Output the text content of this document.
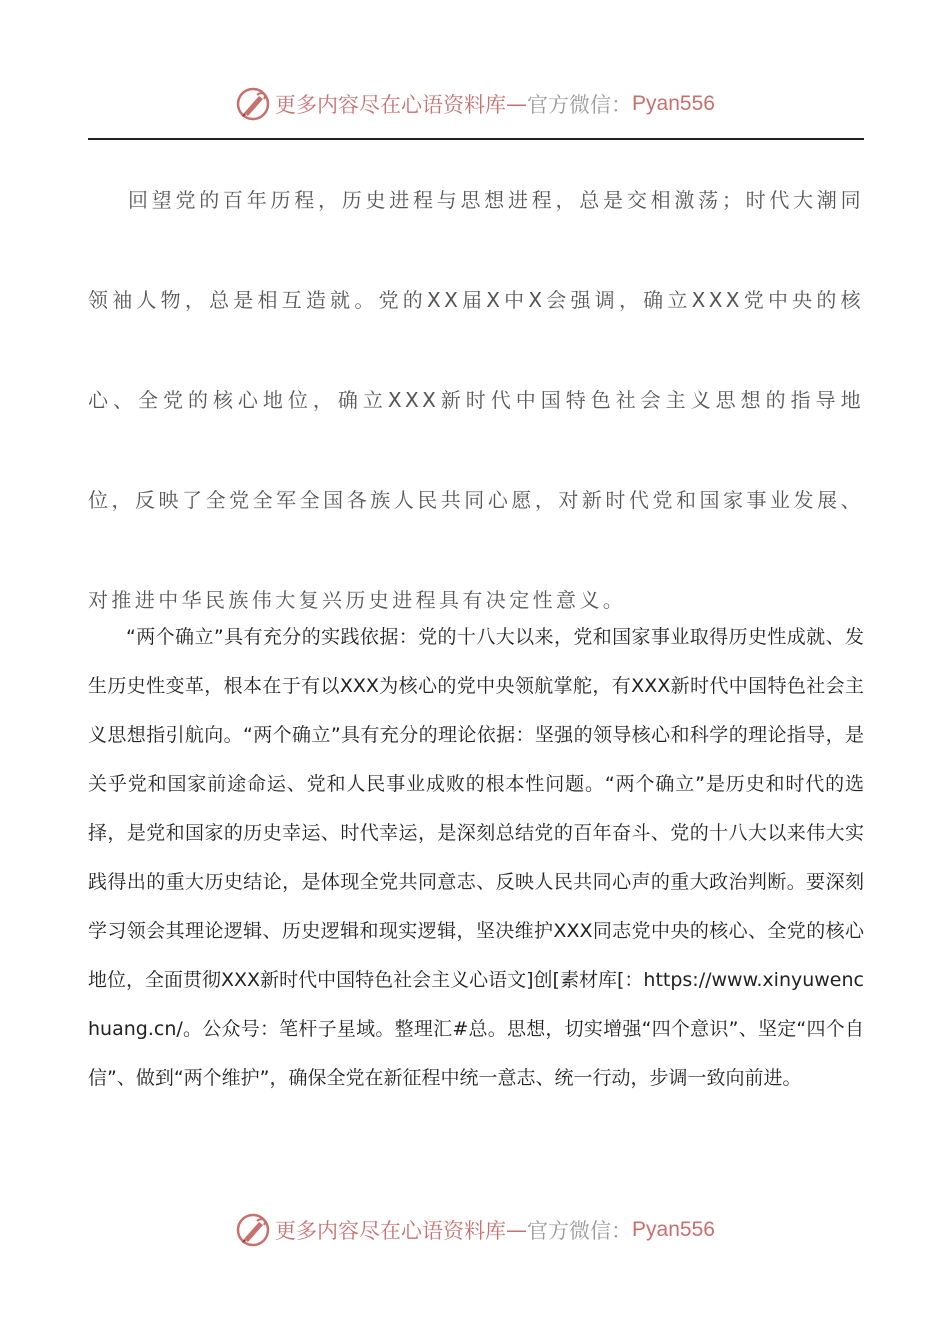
更多内容尽在心语资料库 — 官方微信： Pyan556

回望党的百年历程，历史进程与思想进程，总是交相激荡；时代大潮同领袖人物，总是相互造就。党的XX届X中X会强调，确立XXX党中央的核心、全党的核心地位，确立XXX新时代中国特色社会主义思想的指导地位，反映了全党全军全国各族人民共同心愿，对新时代党和国家事业发展、对推进中华民族伟大复兴历史进程具有决定性意义。

“两个确立”具有充分的实践依据：党的十八大以来，党和国家事业取得历史性成就、发生历史性变革，根本在于有以XXX为核心的党中央领航掌舵，有XXX新时代中国特色社会主义思想指引航向。“两个确立”具有充分的理论依据：坚强的领导核心和科学的理论指导，是关乎党和国家前途命运、党和人民事业成败的根本性问题。“两个确立”是历史和时代的选择，是党和国家的历史幸运、时代幸运，是深刻总结党的百年奋斗、党的十八大以来伟大实践得出的重大历史结论，是体现全党共同意志、反映人民共同心声的重大政治判断。要深刻学习领会其理论逻辑、历史逻辑和现实逻辑，坚决维护XXX同志党中央的核心、全党的核心地位，全面贯彻XXX新时代中国特色社会主义心语文]创[素材库[：https://www.xinyuwenchuang.cn/。公众号：笔杆子星域。整理汇#总。思想，切实增强“四个意识”、坚定“四个自信”、做到“两个维护”，确保全党在新征程中统一意志、统一行动，步调一致向前进。

更多内容尽在心语资料库 — 官方微信： Pyan556
